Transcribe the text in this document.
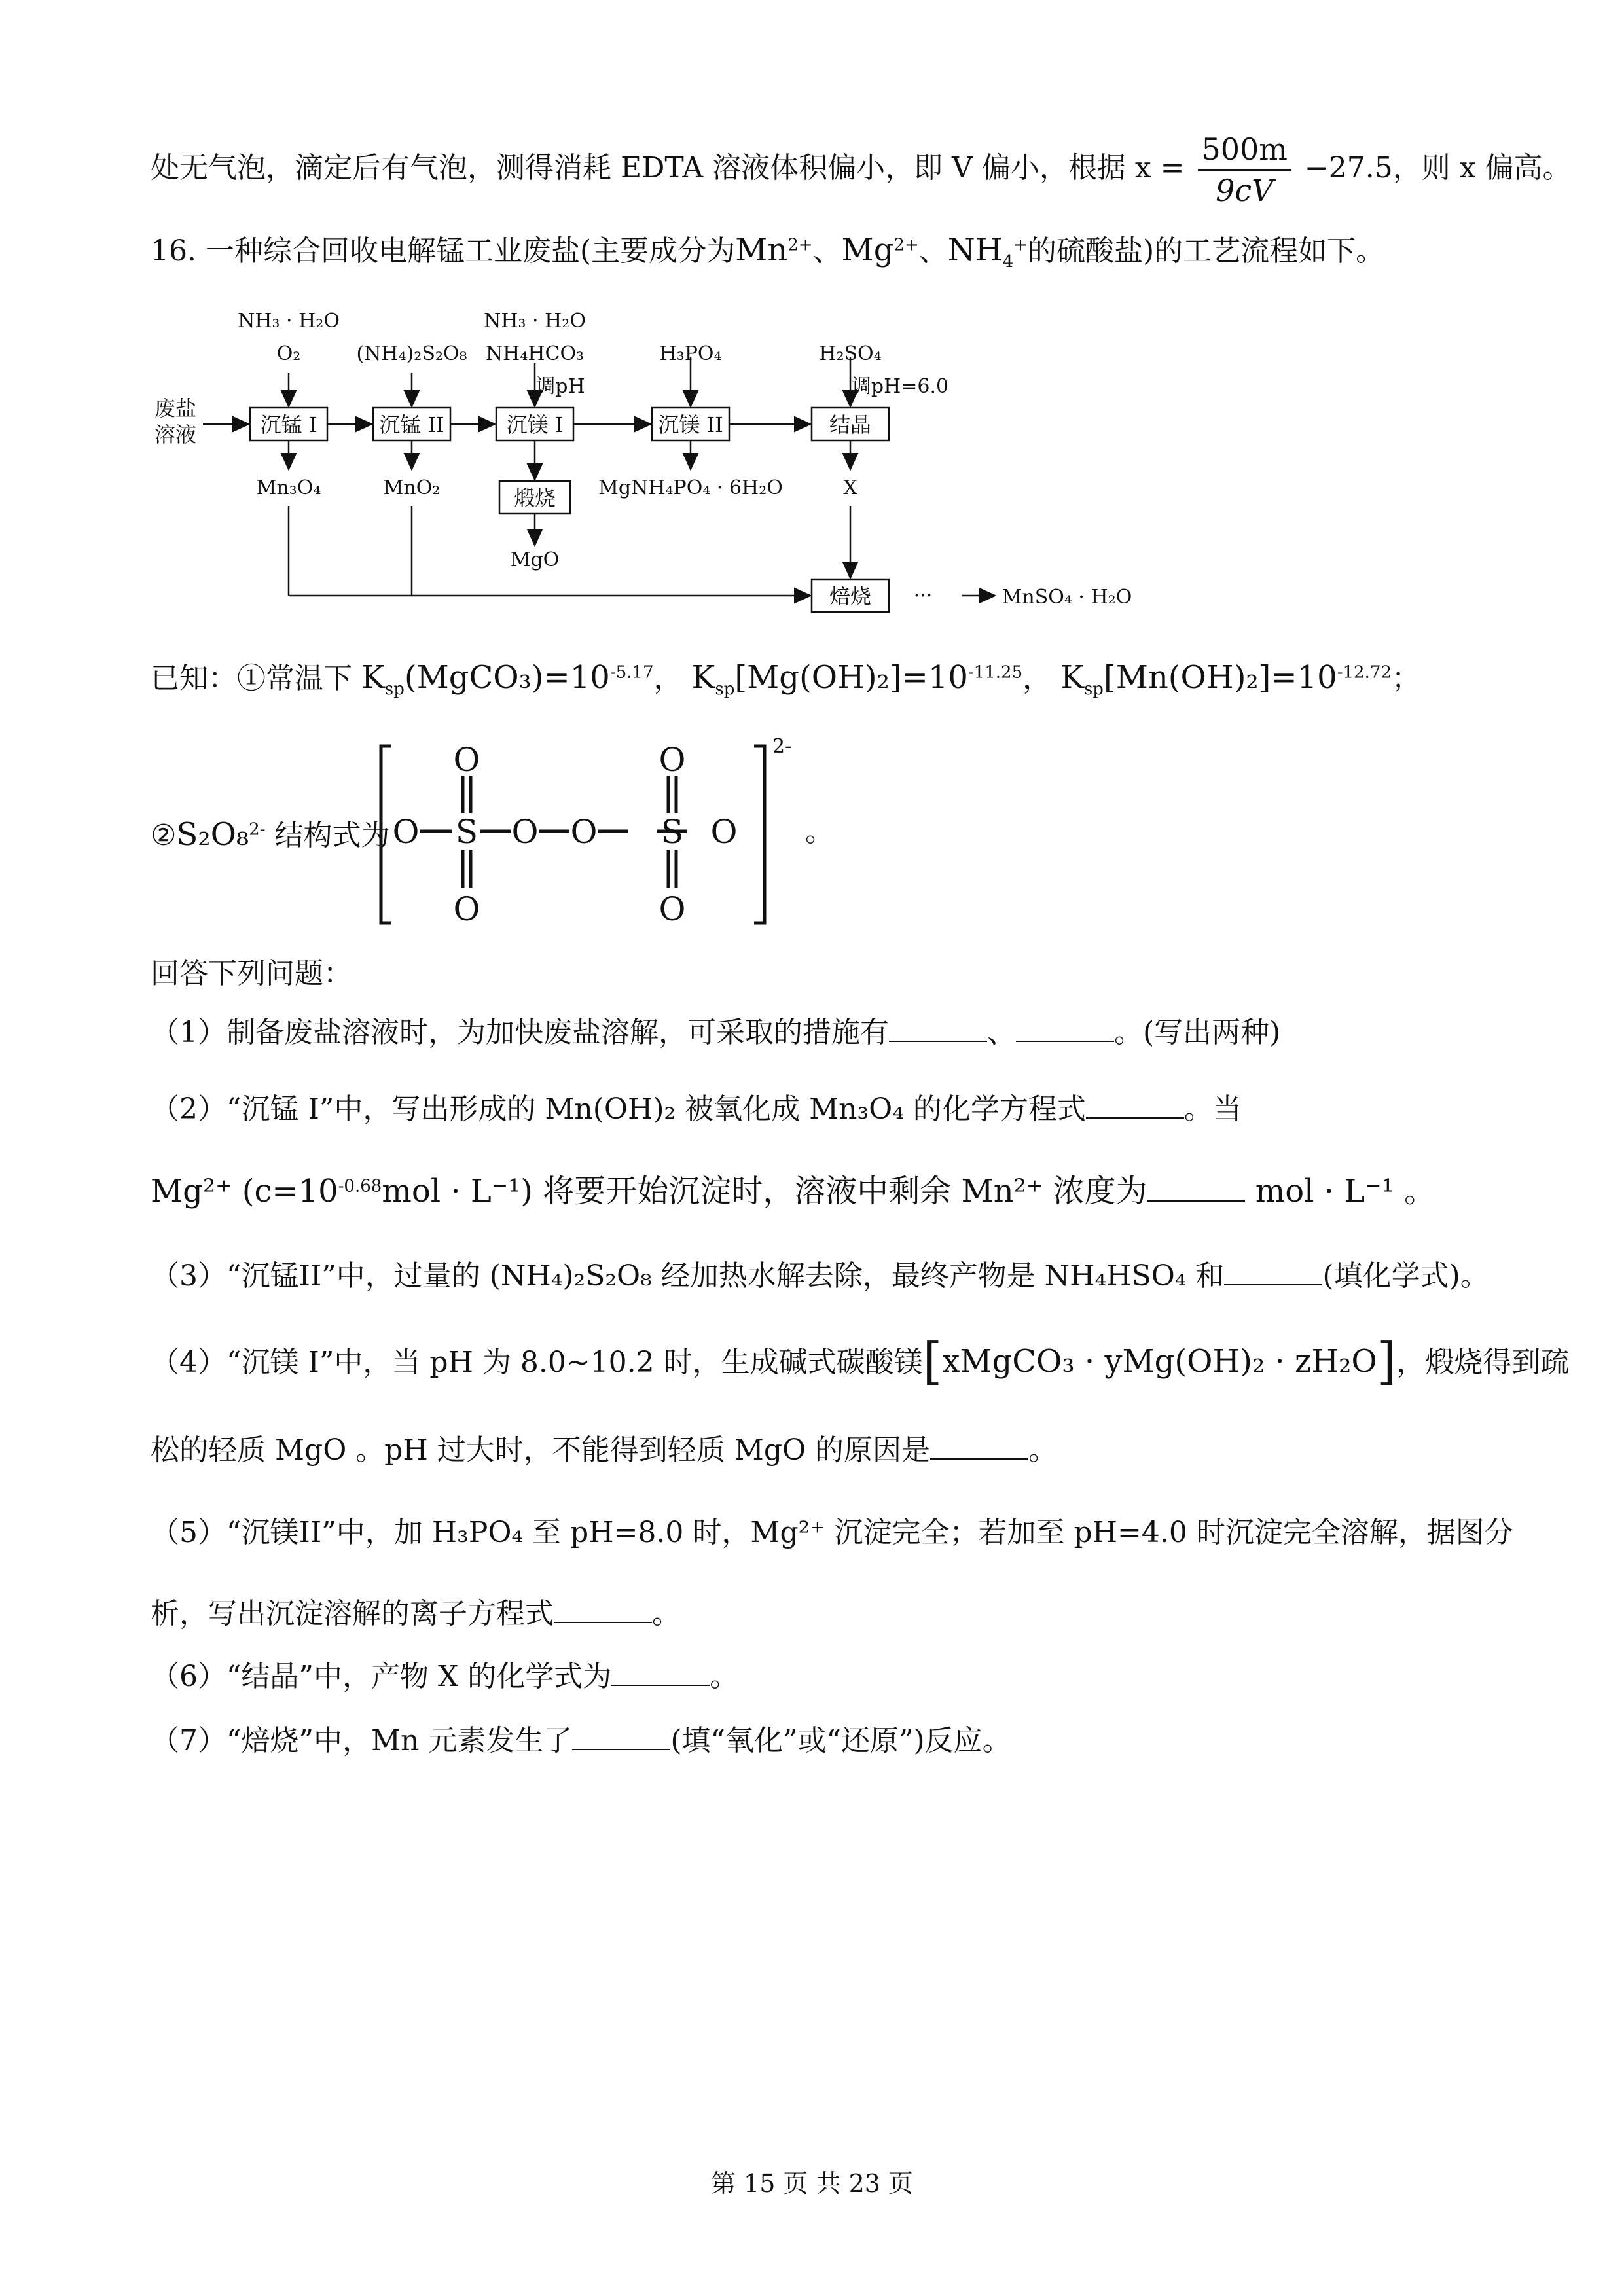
处无气泡，滴定后有气泡，测得消耗 EDTA 溶液体积偏小，即 V 偏小，根据 $x = \frac{500m}{9cV} -27.5$，则 x 偏高。
16. 一种综合回收电解锰工业废盐(主要成分为$Mn^{2+}$、$Mg^{2+}$、$NH_4^+$的硫酸盐)的工艺流程如下。
废盐
溶液	沉锰 I	沉锰 II	沉镁 I	沉镁 II	结晶
煅烧
焙烧
NH₃ · H₂O
O₂	(NH₄)₂S₂O₈
NH₃ · H₂O
NH₄HCO₃
调pH
H₃PO₄	H₂SO₄
调pH=6.0
Mn₃O₄	MnO₂	MgNH₄PO₄ · 6H₂O	X
MgO
···	MnSO₄ · H₂O
已知：①常温下 $K_{sp}(MgCO_3)=10^{-5.17}$， $K_{sp}[Mg(OH)_2]=10^{-11.25}$， $K_{sp}[Mn(OH)_2]=10^{-12.72}$；
②S₂O₈$^{2-}$ 结构式为 O S O O S O
O
O
O
O
2-
。
回答下列问题：
（1）制备废盐溶液时，为加快废盐溶解，可采取的措施有	、	。(写出两种)
（2）“沉锰 I”中，写出形成的 Mn(OH)₂ 被氧化成 Mn₃O₄ 的化学方程式	。当
Mg²⁺ $(c=10^{-0.68}mol \cdot L^{-1})$ 将要开始沉淀时，溶液中剩余 Mn²⁺ 浓度为	mol · L⁻¹ 。
（3）“沉锰II”中，过量的 (NH₄)₂S₂O₈ 经加热水解去除，最终产物是 NH₄HSO₄ 和	(填化学式)。
（4）“沉镁 I”中，当 pH 为 8.0~10.2 时，生成碱式碳酸镁[xMgCO₃ · yMg(OH)₂ · zH₂O]，煅烧得到疏
松的轻质 MgO 。pH 过大时，不能得到轻质 MgO 的原因是	。
（5）“沉镁II”中，加 H₃PO₄ 至 pH=8.0 时，Mg²⁺ 沉淀完全；若加至 pH=4.0 时沉淀完全溶解，据图分
析，写出沉淀溶解的离子方程式	。
（6）“结晶”中，产物 X 的化学式为	。
（7）“焙烧”中，Mn 元素发生了	(填“氧化”或“还原”)反应。
第 15 页 共 23 页
